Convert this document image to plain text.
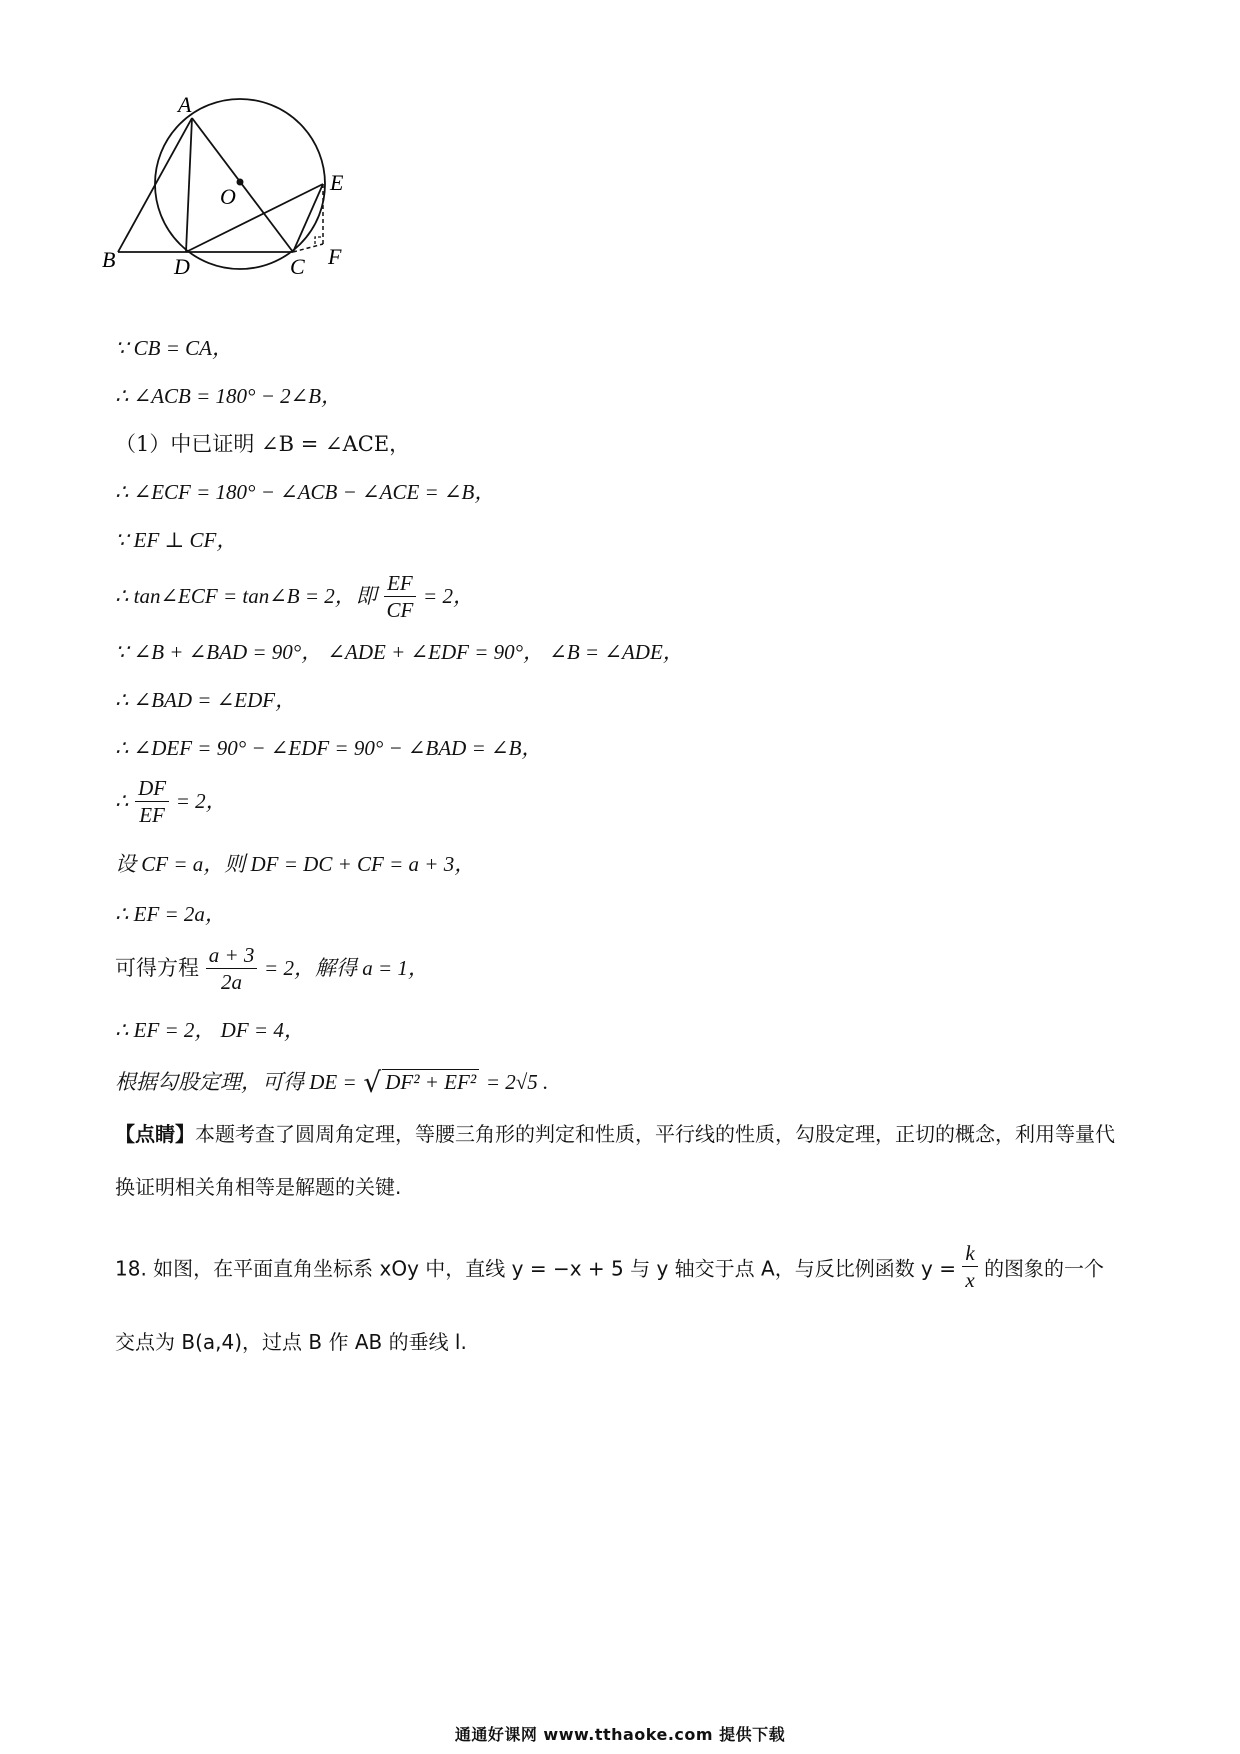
A
B	D	C
E
F
O
∵ CB = CA，
∴ ∠ACB = 180° − 2∠B，
（1）中已证明 ∠B = ∠ACE，
∴ ∠ECF = 180° − ∠ACB − ∠ACE = ∠B，
∵ EF ⊥ CF，
∴ tan∠ECF = tan∠B = 2，即 $\frac{EF}{CF} = 2$，
∵ ∠B + ∠BAD = 90°， ∠ADE + ∠EDF = 90°， ∠B = ∠ADE，
∴ ∠BAD = ∠EDF，
∴ ∠DEF = 90° − ∠EDF = 90° − ∠BAD = ∠B，
∴ $\frac{DF}{EF} = 2$，
设 CF = a，则 DF = DC + CF = a + 3，
∴ EF = 2a，
可得方程 $\frac{a + 3}{2a} = 2$，解得 a = 1，
∴ EF = 2， DF = 4，
根据勾股定理，可得 DE = √ DF² + EF² = 2√5 .
【点睛】本题考查了圆周角定理，等腰三角形的判定和性质，平行线的性质，勾股定理，正切的概念，利用等量代换证明相关角相等是解题的关键.
18. 如图，在平面直角坐标系 xOy 中，直线 y = −x + 5 与 y 轴交于点 A，与反比例函数 $y = \frac{k}{x}$ 的图象的一个
交点为 B(a,4)，过点 B 作 AB 的垂线 l.
通通好课网 www.tthaoke.com 提供下载
